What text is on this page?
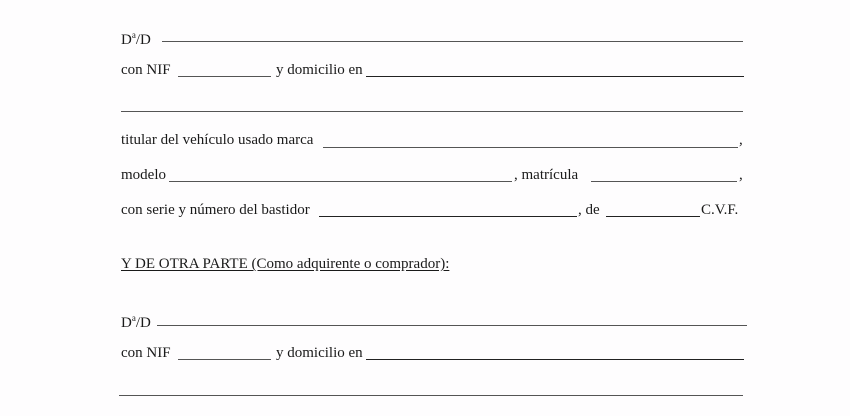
$D^a/D$
con NIF	y domicilio en
titular del vehículo usado marca	,
modelo	, matrícula	,
con serie y número del bastidor	, de	C.V.F.
Y DE OTRA PARTE (Como adquirente o comprador):
$D^a/D$
con NIF	y domicilio en
